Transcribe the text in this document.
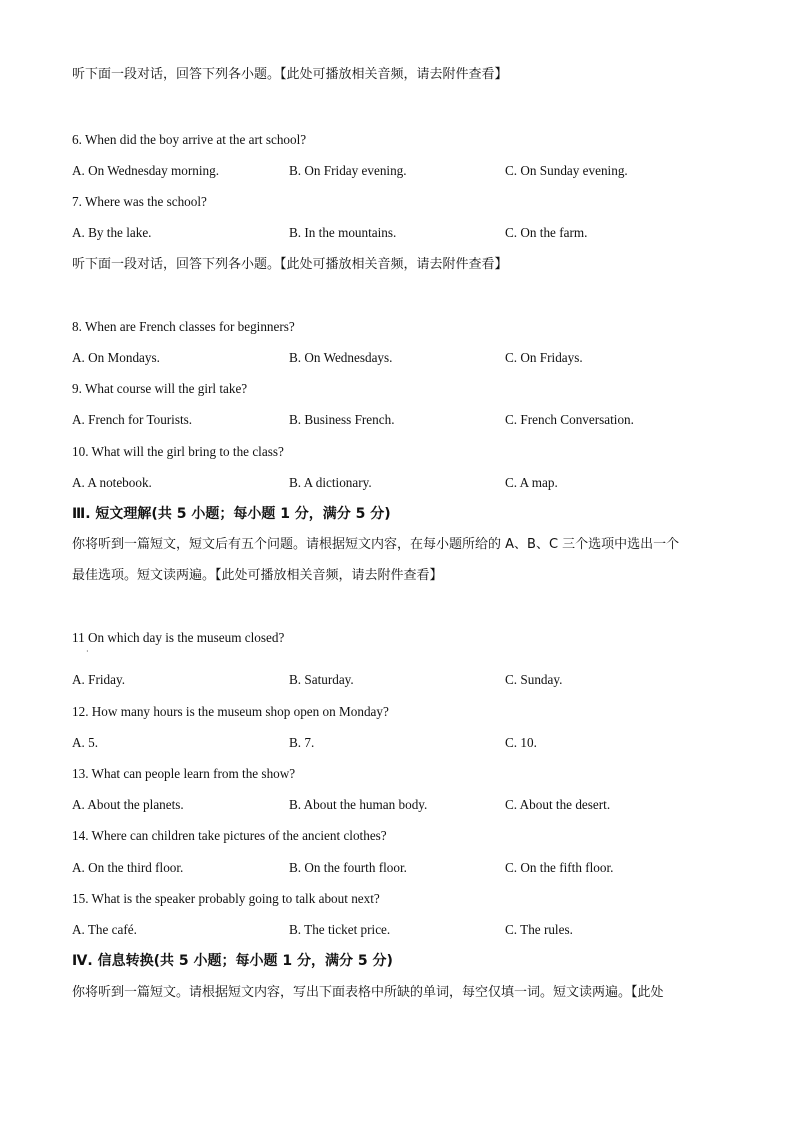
听下面一段对话，回答下列各小题。【此处可播放相关音频，请去附件查看】
6. When did the boy arrive at the art school?
A. On Wednesday morning.	B. On Friday evening.	C. On Sunday evening.
7. Where was the school?
A. By the lake.	B. In the mountains.	C. On the farm.
听下面一段对话，回答下列各小题。【此处可播放相关音频，请去附件查看】
8. When are French classes for beginners?
A. On Mondays.	B. On Wednesdays.	C. On Fridays.
9. What course will the girl take?
A. French for Tourists.	B. Business French.	C. French Conversation.
10. What will the girl bring to the class?
A. A notebook.	B. A dictionary.	C. A map.
Ⅲ. 短文理解(共 5 小题；每小题 1 分，满分 5 分)
你将听到一篇短文，短文后有五个问题。请根据短文内容，在每小题所给的 A、B、C 三个选项中选出一个
最佳选项。短文读两遍。【此处可播放相关音频，请去附件查看】
11 On which day is the museum closed?
·
A. Friday.	B. Saturday.	C. Sunday.
12. How many hours is the museum shop open on Monday?
A. 5.	B. 7.	C. 10.
13. What can people learn from the show?
A. About the planets.	B. About the human body.	C. About the desert.
14. Where can children take pictures of the ancient clothes?
A. On the third floor.	B. On the fourth floor.	C. On the fifth floor.
15. What is the speaker probably going to talk about next?
A. The café.	B. The ticket price.	C. The rules.
Ⅳ. 信息转换(共 5 小题；每小题 1 分，满分 5 分)
你将听到一篇短文。请根据短文内容，写出下面表格中所缺的单词，每空仅填一词。短文读两遍。【此处
